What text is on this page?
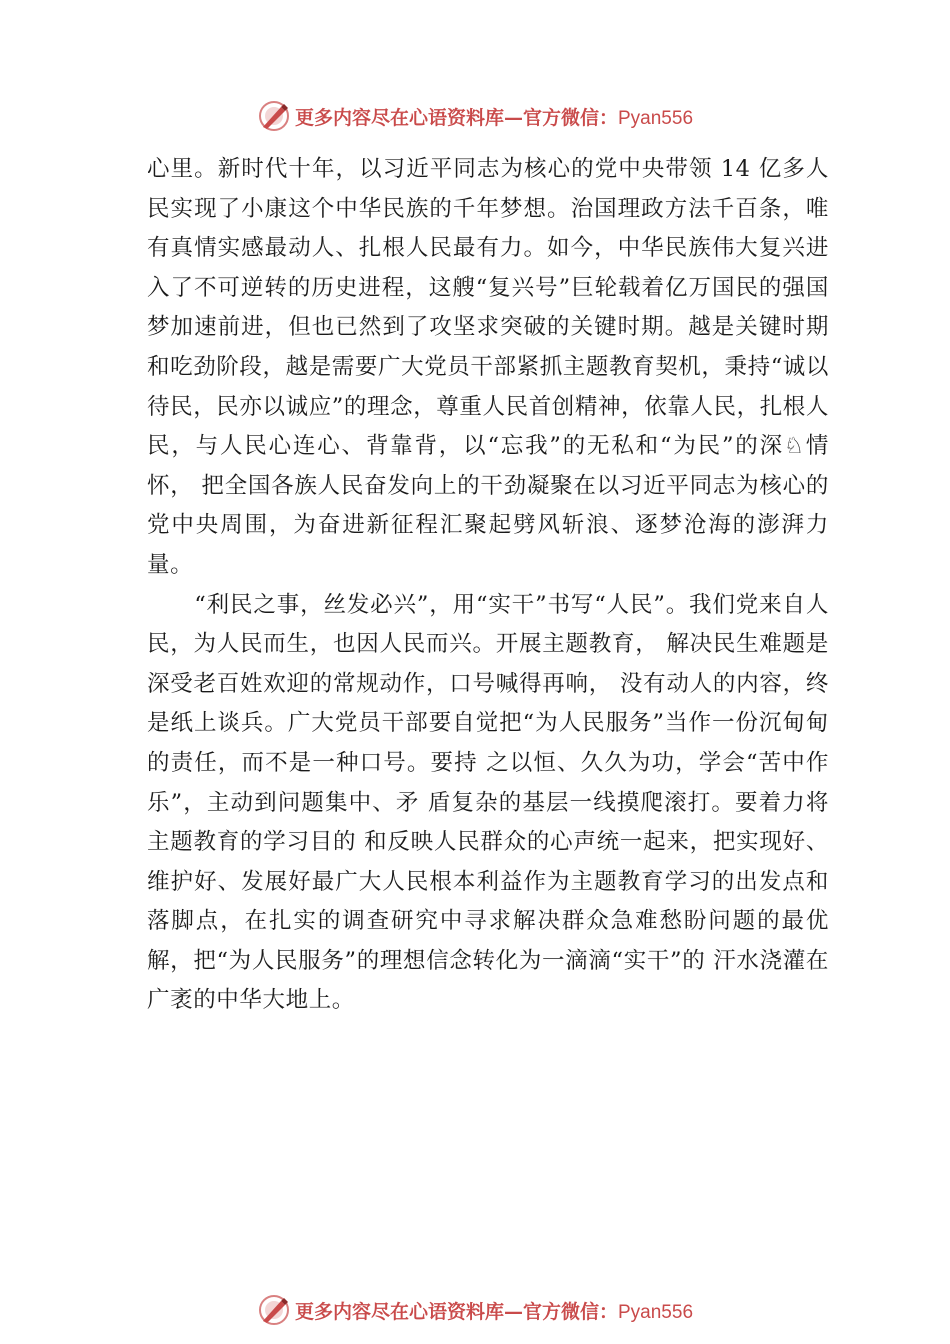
更多内容尽在心语资料库—官方微信：Pyan556

心里。新时代十年，以习近平同志为核心的党中央带领 14 亿多人民实现了小康这个中华民族的千年梦想。治国理政方法千百条，唯有真情实感最动人、扎根人民最有力。如今，中华民族伟大复兴进入了不可逆转的历史进程，这艘“复兴号”巨轮载着亿万国民的强国梦加速前进，但也已然到了攻坚求突破的关键时期。越是关键时期和吃劲阶段，越是需要广大党员干部紧抓主题教育契机，秉持“诚以待民，民亦以诚应”的理念，尊重人民首创精神，依靠人民，扎根人民，与人民心连心、背靠背，以“忘我”的无私和“为民”的深♘情怀， 把全国各族人民奋发向上的干劲凝聚在以习近平同志为核心的党中央周围，为奋进新征程汇聚起劈风斩浪、逐梦沧海的澎湃力量。

“利民之事，丝发必兴”，用“实干”书写“人民”。我们党来自人民，为人民而生，也因人民而兴。开展主题教育， 解决民生难题是深受老百姓欢迎的常规动作，口号喊得再响， 没有动人的内容，终是纸上谈兵。广大党员干部要自觉把“为人民服务”当作一份沉甸甸的责任，而不是一种口号。要持 之以恒、久久为功，学会“苦中作乐”，主动到问题集中、矛 盾复杂的基层一线摸爬滚打。要着力将主题教育的学习目的 和反映人民群众的心声统一起来，把实现好、维护好、发展好最广大人民根本利益作为主题教育学习的出发点和落脚点，在扎实的调查研究中寻求解决群众急难愁盼问题的最优 解，把“为人民服务”的理想信念转化为一滴滴“实干”的 汗水浇灌在广袤的中华大地上。

更多内容尽在心语资料库—官方微信：Pyan556
